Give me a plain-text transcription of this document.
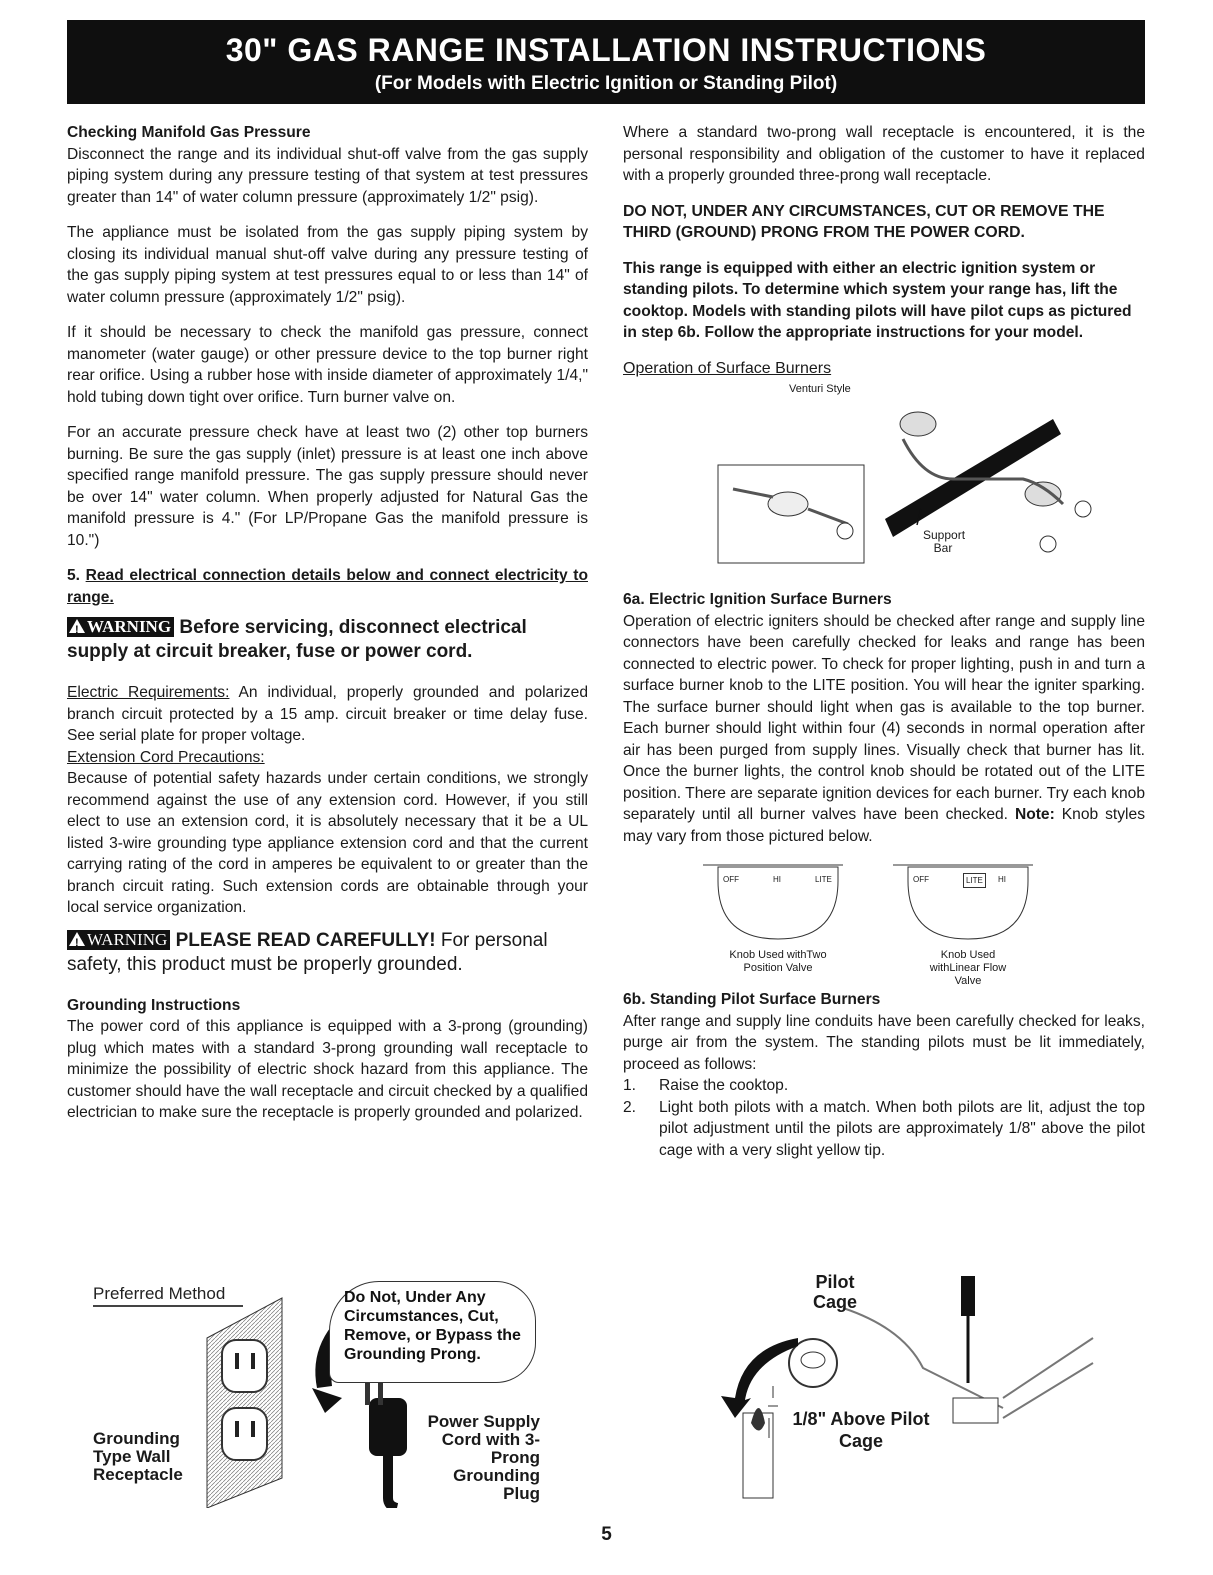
30" GAS RANGE INSTALLATION INSTRUCTIONS
(For Models with Electric Ignition or Standing Pilot)

Checking Manifold Gas Pressure

Disconnect the range and its individual shut-off valve from the gas supply piping system during any pressure testing of that system at test pressures greater than 14" of water column pressure (approximately 1/2" psig).

The appliance must be isolated from the gas supply piping system by closing its individual manual shut-off valve during any pressure testing of the gas supply piping system at test pressures equal to or less than 14" of water column pressure (approximately 1/2" psig).

If it should be necessary to check the manifold gas pressure, connect manometer (water gauge) or other pressure device to the top burner right rear orifice. Using a rubber hose with inside diameter of approximately 1/4," hold tubing down tight over orifice. Turn burner valve on.

For an accurate pressure check have at least two (2) other top burners burning. Be sure the gas supply (inlet) pressure is at least one inch above specified range manifold pressure. The gas supply pressure should never be over 14" water column. When properly adjusted for Natural Gas the manifold pressure is 4." (For LP/Propane Gas the manifold pressure is 10.")

5. Read electrical connection details below and connect electricity to range.

! WARNING Before servicing, disconnect electrical supply at circuit breaker, fuse or power cord.

Electric Requirements: An individual, properly grounded and polarized branch circuit protected by a 15 amp. circuit breaker or time delay fuse. See serial plate for proper voltage.

Extension Cord Precautions:

Because of potential safety hazards under certain conditions, we strongly recommend against the use of any extension cord. However, if you still elect to use an extension cord, it is absolutely necessary that it be a UL listed 3-wire grounding type appliance extension cord and that the current carrying rating of the cord in amperes be equivalent to or greater than the branch circuit rating. Such extension cords are obtainable through your local service organization.

! WARNING PLEASE READ CAREFULLY! For personal safety, this product must be properly grounded.

Grounding Instructions

The power cord of this appliance is equipped with a 3-prong (grounding) plug which mates with a standard 3-prong grounding wall receptacle to minimize the possibility of electric shock hazard from this appliance. The customer should have the wall receptacle and circuit checked by a qualified electrician to make sure the receptacle is properly grounded and polarized.

Preferred Method	Do Not, Under Any Circumstances, Cut, Remove, or Bypass the Grounding Prong.
Grounding Type Wall Receptacle
Power Supply Cord with 3-Prong Grounding Plug

Where a standard two-prong wall receptacle is encountered, it is the personal responsibility and obligation of the customer to have it replaced with a properly grounded three-prong wall receptacle.

DO NOT, UNDER ANY CIRCUMSTANCES, CUT OR REMOVE THE THIRD (GROUND) PRONG FROM THE POWER CORD.

This range is equipped with either an electric ignition system or standing pilots. To determine which system your range has, lift the cooktop. Models with standing pilots will have pilot cups as pictured in step 6b. Follow the appropriate instructions for your model.

Operation of Surface Burners

Venturi Style
Support Bar

6a. Electric Ignition Surface Burners

Operation of electric igniters should be checked after range and supply line connectors have been carefully checked for leaks and range has been connected to electric power. To check for proper lighting, push in and turn a surface burner knob to the LITE position. You will hear the igniter sparking. The surface burner should light when gas is available to the top burner. Each burner should light within four (4) seconds in normal operation after air has been purged from supply lines. Visually check that burner has lit. Once the burner lights, the control knob should be rotated out of the LITE position. There are separate ignition devices for each burner. Try each knob separately until all burner valves have been checked. Note: Knob styles may vary from those pictured below.

OFF	HI	LITE	OFF	LITE	HI
Knob Used withTwo Position Valve
Knob Used withLinear Flow Valve

6b. Standing Pilot Surface Burners

After range and supply line conduits have been carefully checked for leaks, purge air from the system. The standing pilots must be lit immediately, proceed as follows:

1.	Raise the cooktop.
2.	Light both pilots with a match. When both pilots are lit, adjust the top pilot adjustment until the pilots are approximately 1/8" above the pilot cage with a very slight yellow tip.
Pilot Cage
1/8" Above Pilot Cage
5
